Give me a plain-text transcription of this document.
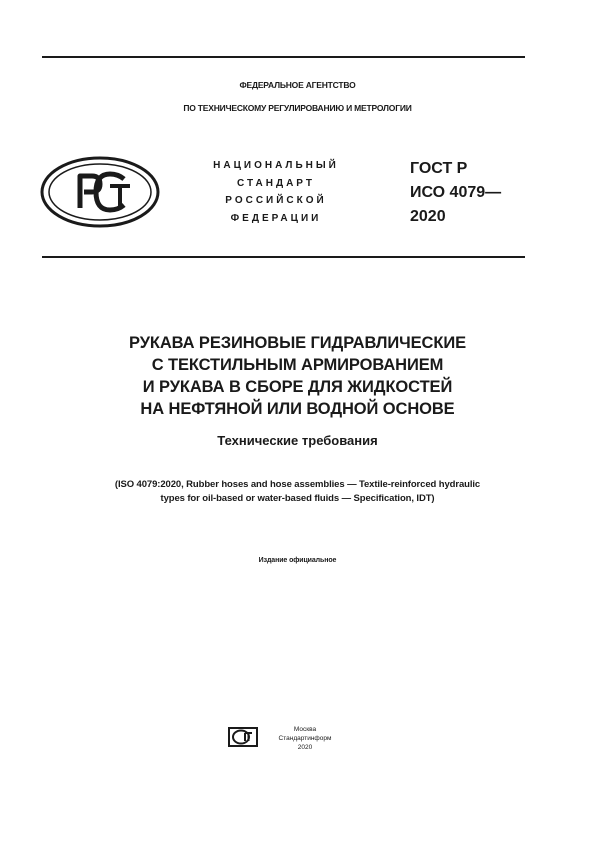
ФЕДЕРАЛЬНОЕ АГЕНТСТВО
ПО ТЕХНИЧЕСКОМУ РЕГУЛИРОВАНИЮ И МЕТРОЛОГИИ
НАЦИОНАЛЬНЫЙ
СТАНДАРТ
РОССИЙСКОЙ
ФЕДЕРАЦИИ
ГОСТ Р
ИСО 4079—
2020
РУКАВА РЕЗИНОВЫЕ ГИДРАВЛИЧЕСКИЕ
С ТЕКСТИЛЬНЫМ АРМИРОВАНИЕМ
И РУКАВА В СБОРЕ ДЛЯ ЖИДКОСТЕЙ
НА НЕФТЯНОЙ ИЛИ ВОДНОЙ ОСНОВЕ
Технические требования
(ISO 4079:2020, Rubber hoses and hose assemblies — Textile-reinforced hydraulic
types for oil-based or water-based fluids — Specification, IDT)
Издание официальное
Москва
Стандартинформ
2020
